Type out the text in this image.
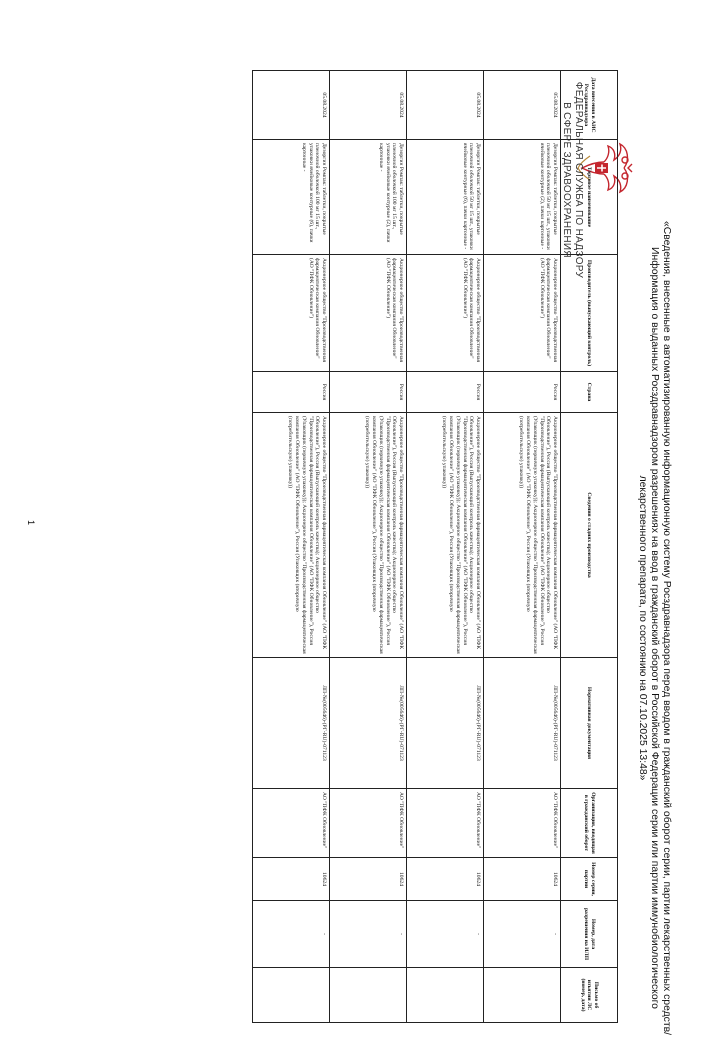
ФЕДЕРАЛЬНАЯ СЛУЖБА ПО НАДЗОРУ
В СФЕРЕ ЗДРАВООХРАНЕНИЯ
«Сведения, внесенные в автоматизированную информационную систему Росздравнадзора перед вводом в гражданский оборот серии, партии лекарственных средств/ Информация о выданных Росздравнадзором разрешениях на ввод в гражданский оборот в Российской Федерации серии или партии иммунобиологического лекарственного препарата, по состоянию на 07.10.2025 13:48»
Дата внесения в АИС Росздравнадзора	Торговое наименование	Производитель (выпускающий контроль)	Страна	Сведения о стадиях производства	Нормативная документация	Организация, вводящая в гражданский оборот	Номер серии, партии	Номер, дата разрешения на ИЛП	Письмо об изъятии ЛС (номер, дата)
05.08.2024	Дезоргин Ромпак: таблетки, покрытые пленочной оболочкой 50 мг 15 шт., упаковки ячейковые контурные (2), пачки картонные -	Акционерное общество "Производственная фармацевтическая компания Обновление" (АО "ПФК Обновление")	Россия	Акционерное общество "Производственная фармацевтическая компания Обновление" (АО "ПФК Обновление"), Россия (Выпускающий контроль качества); Акционерное общество "Производственная фармацевтическая компания Обновление" (АО "ПФК Обновление"), Россия (Упаковщик (первичную упаковку)); Акционерное общество "Производственная фармацевтическая компания Обновление" (АО "ПФК Обновление"), Россия (Упаковщик (вторичную (потребительскую) упаковку))	ЛП-№(005646)-(РГ-RU)-071123	АО "ПФК Обновление"	10624	-	
05.08.2024	Дезоргин Ромпак: таблетки, покрытые пленочной оболочкой 50 мг 15 шт., упаковки ячейковые контурные (6), пачки картонные -	Акционерное общество "Производственная фармацевтическая компания Обновление" (АО "ПФК Обновление")	Россия	Акционерное общество "Производственная фармацевтическая компания Обновление" (АО "ПФК Обновление"), Россия (Выпускающий контроль качества); Акционерное общество "Производственная фармацевтическая компания Обновление" (АО "ПФК Обновление"), Россия (Упаковщик (первичную упаковку)); Акционерное общество "Производственная фармацевтическая компания Обновление" (АО "ПФК Обновление"), Россия (Упаковщик (вторичную (потребительскую) упаковку))	ЛП-№(005646)-(РГ-RU)-071123	АО "ПФК Обновление"	10624	-	
05.08.2024	Дезоргин Ромпак: таблетки, покрытые пленочной оболочкой 100 мг 15 шт., упаковки ячейковые контурные (2), пачки картонные -	Акционерное общество "Производственная фармацевтическая компания Обновление" (АО "ПФК Обновление")	Россия	Акционерное общество "Производственная фармацевтическая компания Обновление" (АО "ПФК Обновление"), Россия (Выпускающий контроль качества); Акционерное общество "Производственная фармацевтическая компания Обновление" (АО "ПФК Обновление"), Россия (Упаковщик (первичную упаковку)); Акционерное общество "Производственная фармацевтическая компания Обновление" (АО "ПФК Обновление"), Россия (Упаковщик (вторичную (потребительскую) упаковку))	ЛП-№(005646)-(РГ-RU)-071123	АО "ПФК Обновление"	10624	-	
05.08.2024	Дезоргин Ромпак: таблетки, покрытые пленочной оболочкой 100 мг 15 шт., упаковки ячейковые контурные (6), пачки картонные -	Акционерное общество "Производственная фармацевтическая компания Обновление" (АО "ПФК Обновление")	Россия	Акционерное общество "Производственная фармацевтическая компания Обновление" (АО "ПФК Обновление"), Россия (Выпускающий контроль качества); Акционерное общество "Производственная фармацевтическая компания Обновление" (АО "ПФК Обновление"), Россия (Упаковщик (первичную упаковку)); Акционерное общество "Производственная фармацевтическая компания Обновление" (АО "ПФК Обновление"), Россия (Упаковщик (вторичную (потребительскую) упаковку))	ЛП-№(005646)-(РГ-RU)-071123	АО "ПФК Обновление"	10624	-	
1
